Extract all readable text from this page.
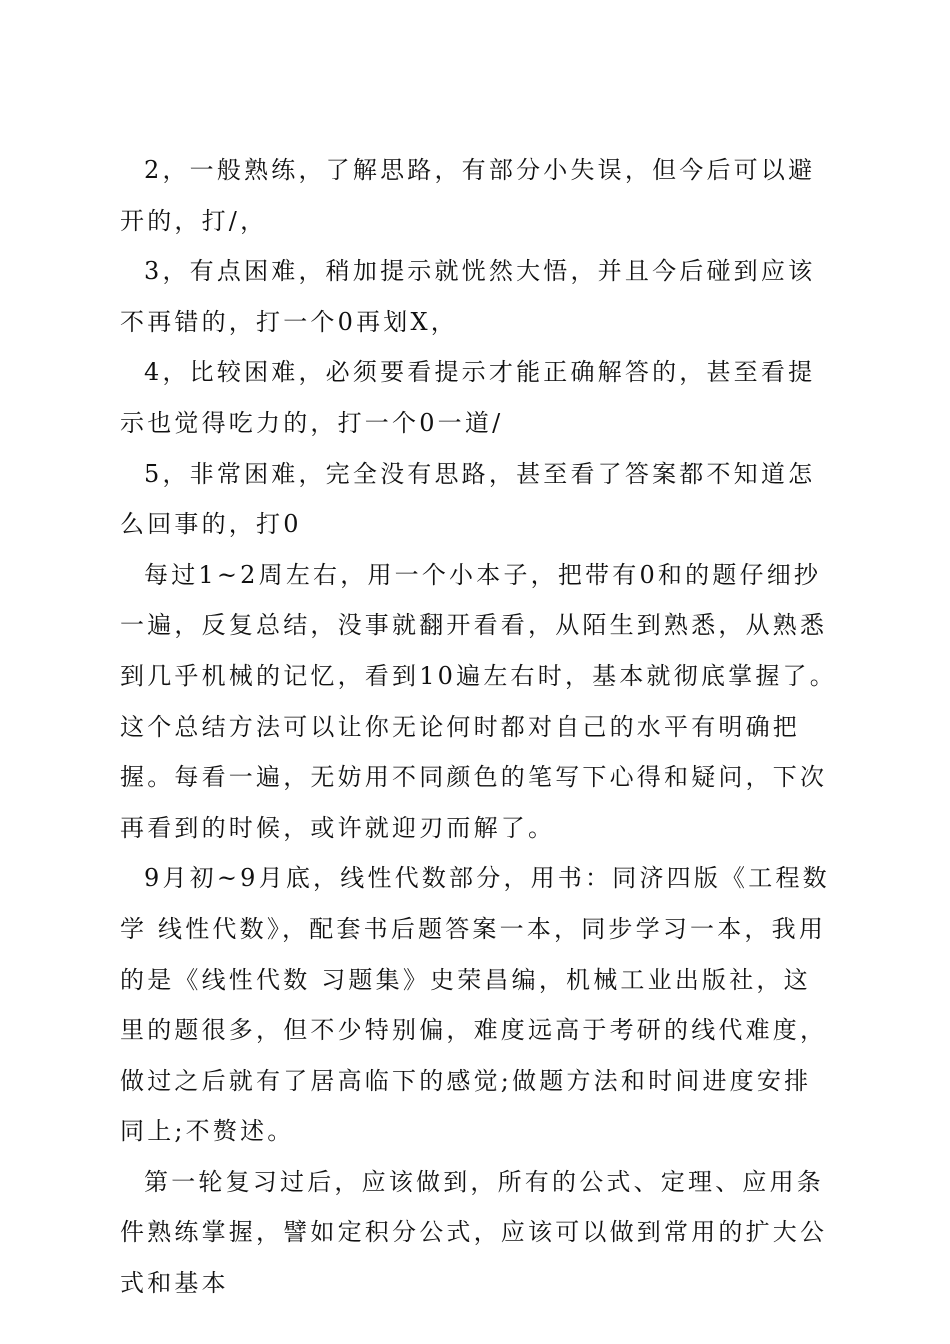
2，一般熟练，了解思路，有部分小失误，但今后可以避开的，打/，

3，有点困难，稍加提示就恍然大悟，并且今后碰到应该不再错的，打一个0再划X，

4，比较困难，必须要看提示才能正确解答的，甚至看提示也觉得吃力的，打一个0一道/

5，非常困难，完全没有思路，甚至看了答案都不知道怎么回事的，打0

每过1~2周左右，用一个小本子，把带有0和的题仔细抄一遍，反复总结，没事就翻开看看，从陌生到熟悉，从熟悉到几乎机械的记忆，看到10遍左右时，基本就彻底掌握了。这个总结方法可以让你无论何时都对自己的水平有明确把握。每看一遍，无妨用不同颜色的笔写下心得和疑问，下次再看到的时候，或许就迎刃而解了。

9月初~9月底，线性代数部分，用书：同济四版《工程数学 线性代数》，配套书后题答案一本，同步学习一本，我用的是《线性代数 习题集》史荣昌编，机械工业出版社，这里的题很多，但不少特别偏，难度远高于考研的线代难度，做过之后就有了居高临下的感觉;做题方法和时间进度安排同上;不赘述。

第一轮复习过后，应该做到，所有的公式、定理、应用条件熟练掌握，譬如定积分公式，应该可以做到常用的扩大公式和基本
